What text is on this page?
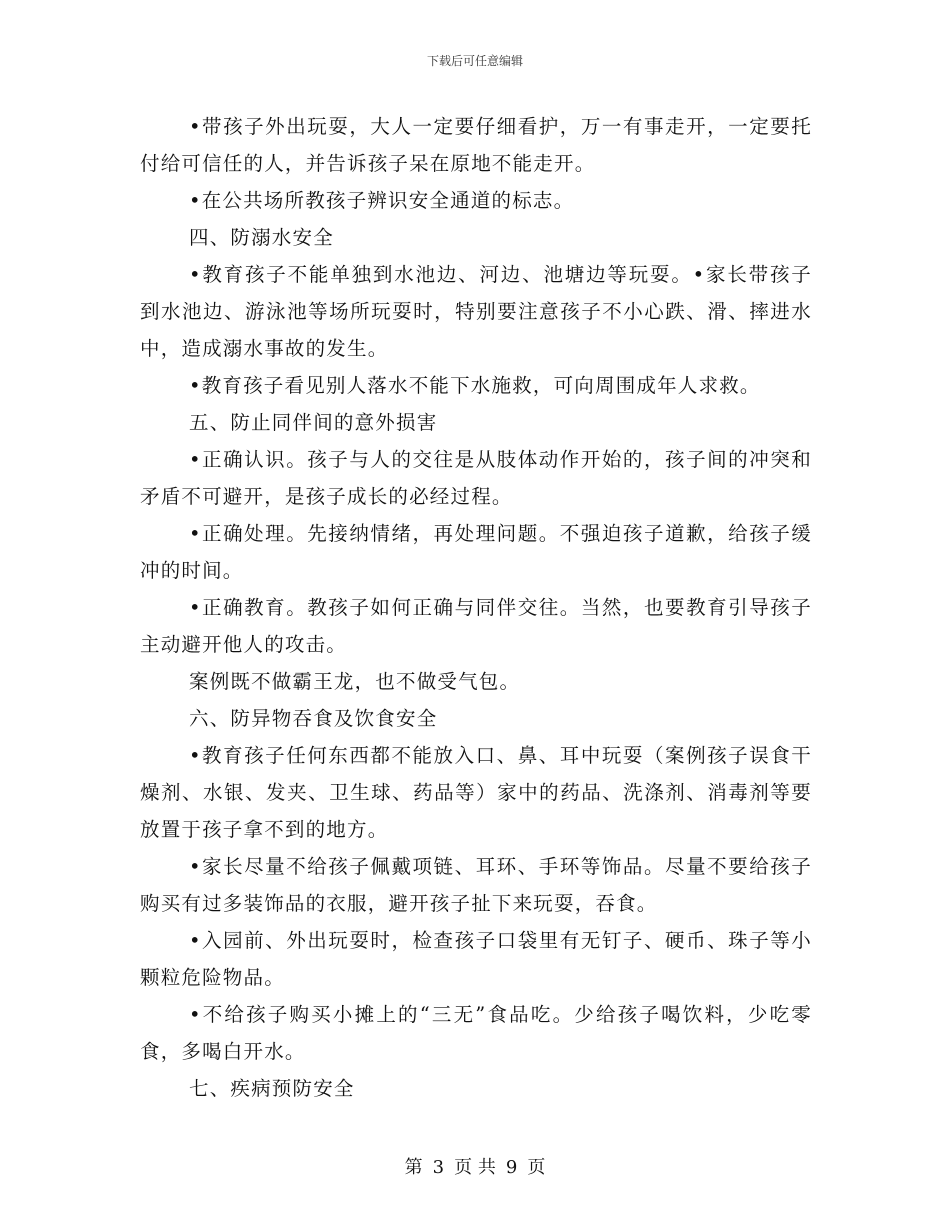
下载后可任意编辑

•带孩子外出玩耍，大人一定要仔细看护，万一有事走开，一定要托付给可信任的人，并告诉孩子呆在原地不能走开。

•在公共场所教孩子辨识安全通道的标志。

四、防溺水安全

•教育孩子不能单独到水池边、河边、池塘边等玩耍。•家长带孩子到水池边、游泳池等场所玩耍时，特别要注意孩子不小心跌、滑、摔进水中，造成溺水事故的发生。

•教育孩子看见别人落水不能下水施救，可向周围成年人求救。

五、防止同伴间的意外损害

•正确认识。孩子与人的交往是从肢体动作开始的，孩子间的冲突和矛盾不可避开，是孩子成长的必经过程。

•正确处理。先接纳情绪，再处理问题。不强迫孩子道歉，给孩子缓冲的时间。

•正确教育。教孩子如何正确与同伴交往。当然，也要教育引导孩子主动避开他人的攻击。

案例既不做霸王龙，也不做受气包。

六、防异物吞食及饮食安全

•教育孩子任何东西都不能放入口、鼻、耳中玩耍（案例孩子误食干燥剂、水银、发夹、卫生球、药品等）家中的药品、洗涤剂、消毒剂等要放置于孩子拿不到的地方。

•家长尽量不给孩子佩戴项链、耳环、手环等饰品。尽量不要给孩子购买有过多装饰品的衣服，避开孩子扯下来玩耍，吞食。

•入园前、外出玩耍时，检查孩子口袋里有无钉子、硬币、珠子等小颗粒危险物品。

•不给孩子购买小摊上的“三无”食品吃。少给孩子喝饮料，少吃零食，多喝白开水。

七、疾病预防安全

第 3 页 共 9 页
